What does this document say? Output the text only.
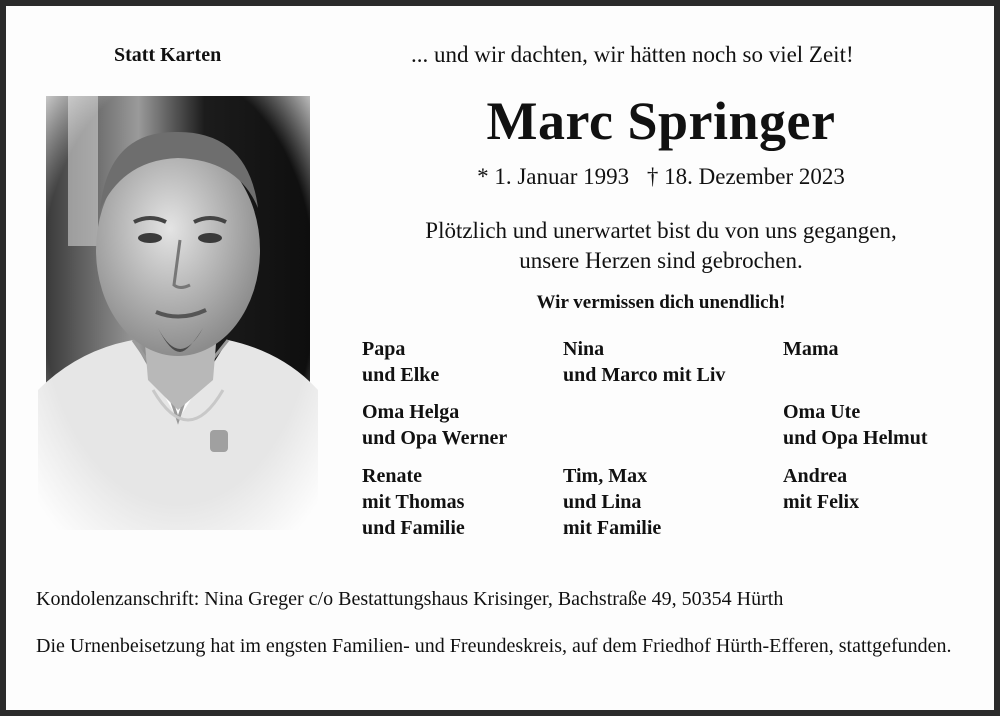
Statt Karten	... und wir dachten, wir hätten noch so viel Zeit!
Marc Springer
* 1. Januar 1993 † 18. Dezember 2023
Plötzlich und unerwartet bist du von uns gegangen,
unsere Herzen sind gebrochen.
Wir vermissen dich unendlich!
Papa
und Elke
Nina
und Marco mit Liv
Mama
Oma Helga
und Opa Werner
Oma Ute
und Opa Helmut
Renate
mit Thomas
und Familie
Tim, Max
und Lina
mit Familie
Andrea
mit Felix
Kondolenzanschrift: Nina Greger c/o Bestattungshaus Krisinger, Bachstraße 49, 50354 Hürth
Die Urnenbeisetzung hat im engsten Familien- und Freundeskreis, auf dem Friedhof Hürth-Efferen, stattgefunden.
